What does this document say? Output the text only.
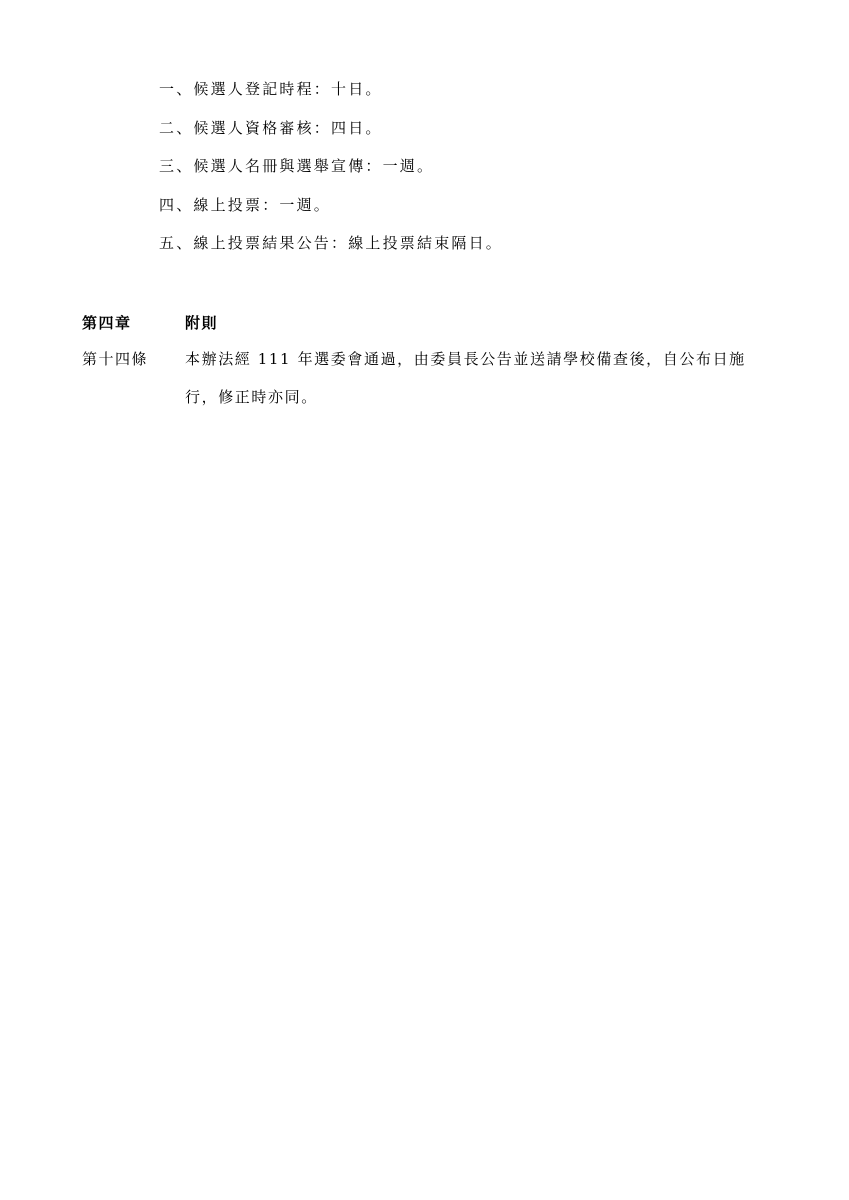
一、候選人登記時程：十日。
二、候選人資格審核：四日。
三、候選人名冊與選舉宣傳：一週。
四、線上投票：一週。
五、線上投票結果公告：線上投票結束隔日。
第四章	附則
第十四條 本辦法經 111 年選委會通過，由委員長公告並送請學校備查後，自公布日施行，修正時亦同。
